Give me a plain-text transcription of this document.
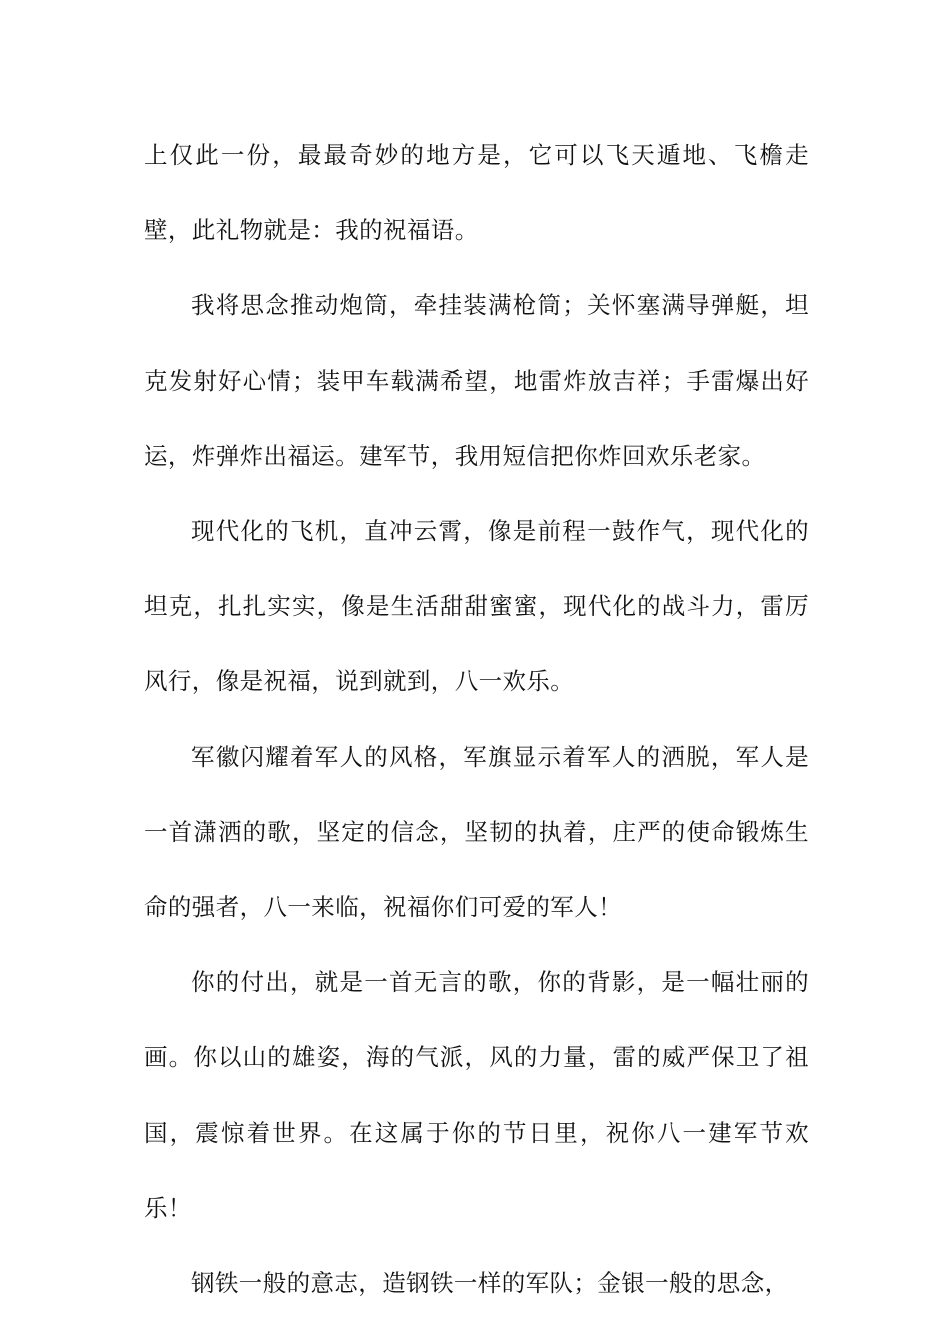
上仅此一份，最最奇妙的地方是，它可以飞天遁地、飞檐走壁，此礼物就是：我的祝福语。

我将思念推动炮筒，牵挂装满枪筒；关怀塞满导弹艇，坦克发射好心情；装甲车载满希望，地雷炸放吉祥；手雷爆出好运，炸弹炸出福运。建军节，我用短信把你炸回欢乐老家。

现代化的飞机，直冲云霄，像是前程一鼓作气，现代化的坦克，扎扎实实，像是生活甜甜蜜蜜，现代化的战斗力，雷厉风行，像是祝福，说到就到，八一欢乐。

军徽闪耀着军人的风格，军旗显示着军人的洒脱，军人是一首潇洒的歌，坚定的信念，坚韧的执着，庄严的使命锻炼生命的强者，八一来临，祝福你们可爱的军人！

你的付出，就是一首无言的歌，你的背影，是一幅壮丽的画。你以山的雄姿，海的气派，风的力量，雷的威严保卫了祖国，震惊着世界。在这属于你的节日里，祝你八一建军节欢乐！

钢铁一般的意志，造钢铁一样的军队；金银一般的思念，
